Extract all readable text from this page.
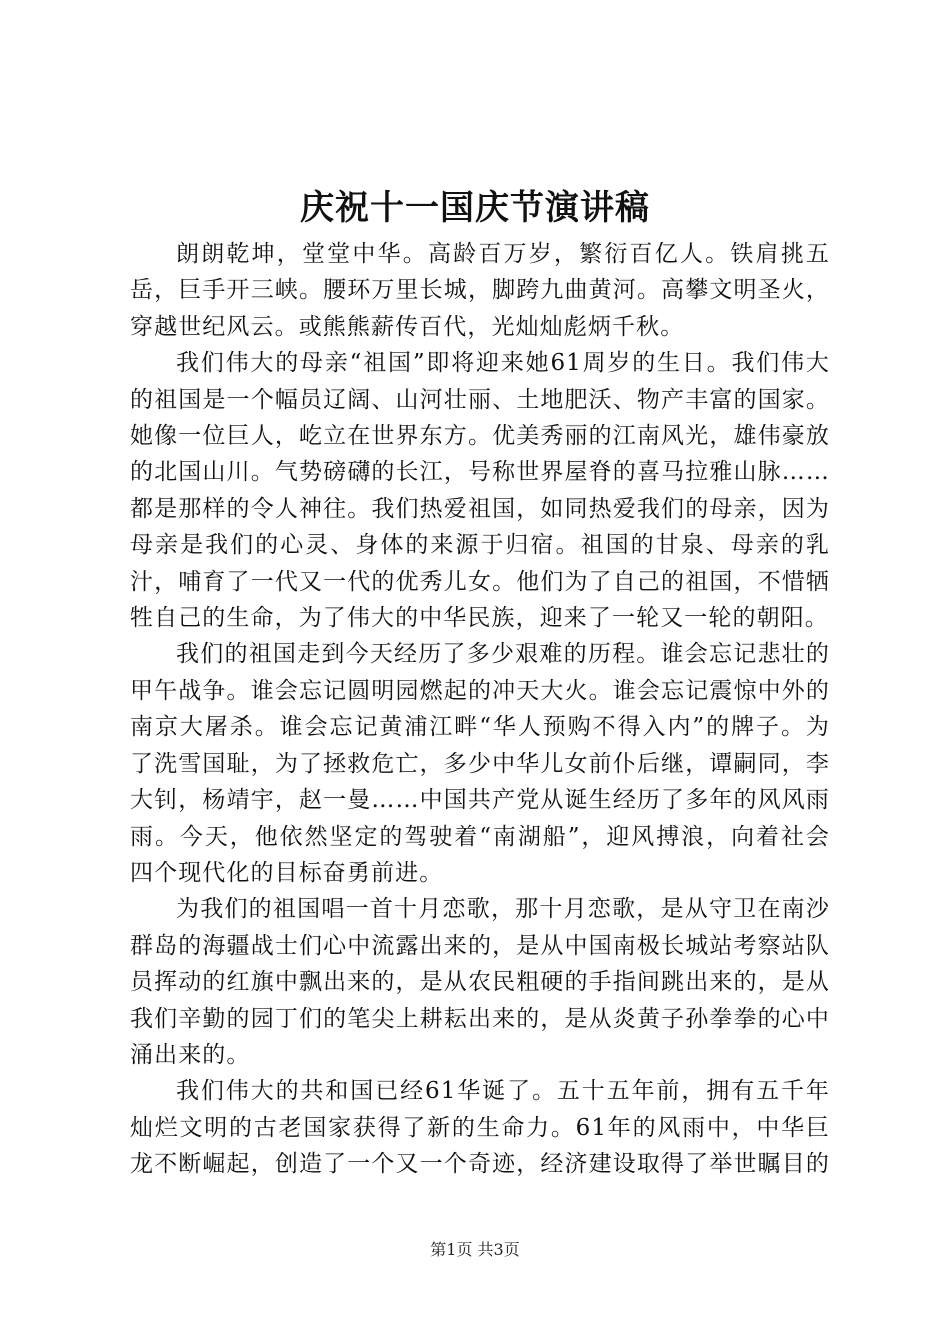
庆祝十一国庆节演讲稿

朗朗乾坤，堂堂中华。高龄百万岁，繁衍百亿人。铁肩挑五岳，巨手开三峡。腰环万里长城，脚跨九曲黄河。高攀文明圣火，穿越世纪风云。或熊熊薪传百代，光灿灿彪炳千秋。

我们伟大的母亲“祖国”即将迎来她61周岁的生日。我们伟大的祖国是一个幅员辽阔、山河壮丽、土地肥沃、物产丰富的国家。她像一位巨人，屹立在世界东方。优美秀丽的江南风光，雄伟豪放的北国山川。气势磅礴的长江，号称世界屋脊的喜马拉雅山脉……都是那样的令人神往。我们热爱祖国，如同热爱我们的母亲，因为母亲是我们的心灵、身体的来源于归宿。祖国的甘泉、母亲的乳汁，哺育了一代又一代的优秀儿女。他们为了自己的祖国，不惜牺牲自己的生命，为了伟大的中华民族，迎来了一轮又一轮的朝阳。

我们的祖国走到今天经历了多少艰难的历程。谁会忘记悲壮的甲午战争。谁会忘记圆明园燃起的冲天大火。谁会忘记震惊中外的南京大屠杀。谁会忘记黄浦江畔“华人预购不得入内”的牌子。为了洗雪国耻，为了拯救危亡，多少中华儿女前仆后继，谭嗣同，李大钊，杨靖宇，赵一曼……中国共产党从诞生经历了多年的风风雨雨。今天，他依然坚定的驾驶着“南湖船”，迎风搏浪，向着社会四个现代化的目标奋勇前进。

为我们的祖国唱一首十月恋歌，那十月恋歌，是从守卫在南沙群岛的海疆战士们心中流露出来的，是从中国南极长城站考察站队员挥动的红旗中飘出来的，是从农民粗硬的手指间跳出来的，是从我们辛勤的园丁们的笔尖上耕耘出来的，是从炎黄子孙拳拳的心中涌出来的。

我们伟大的共和国已经61华诞了。五十五年前，拥有五千年灿烂文明的古老国家获得了新的生命力。61年的风雨中，中华巨龙不断崛起，创造了一个又一个奇迹，经济建设取得了举世瞩目的

第1页 共3页
